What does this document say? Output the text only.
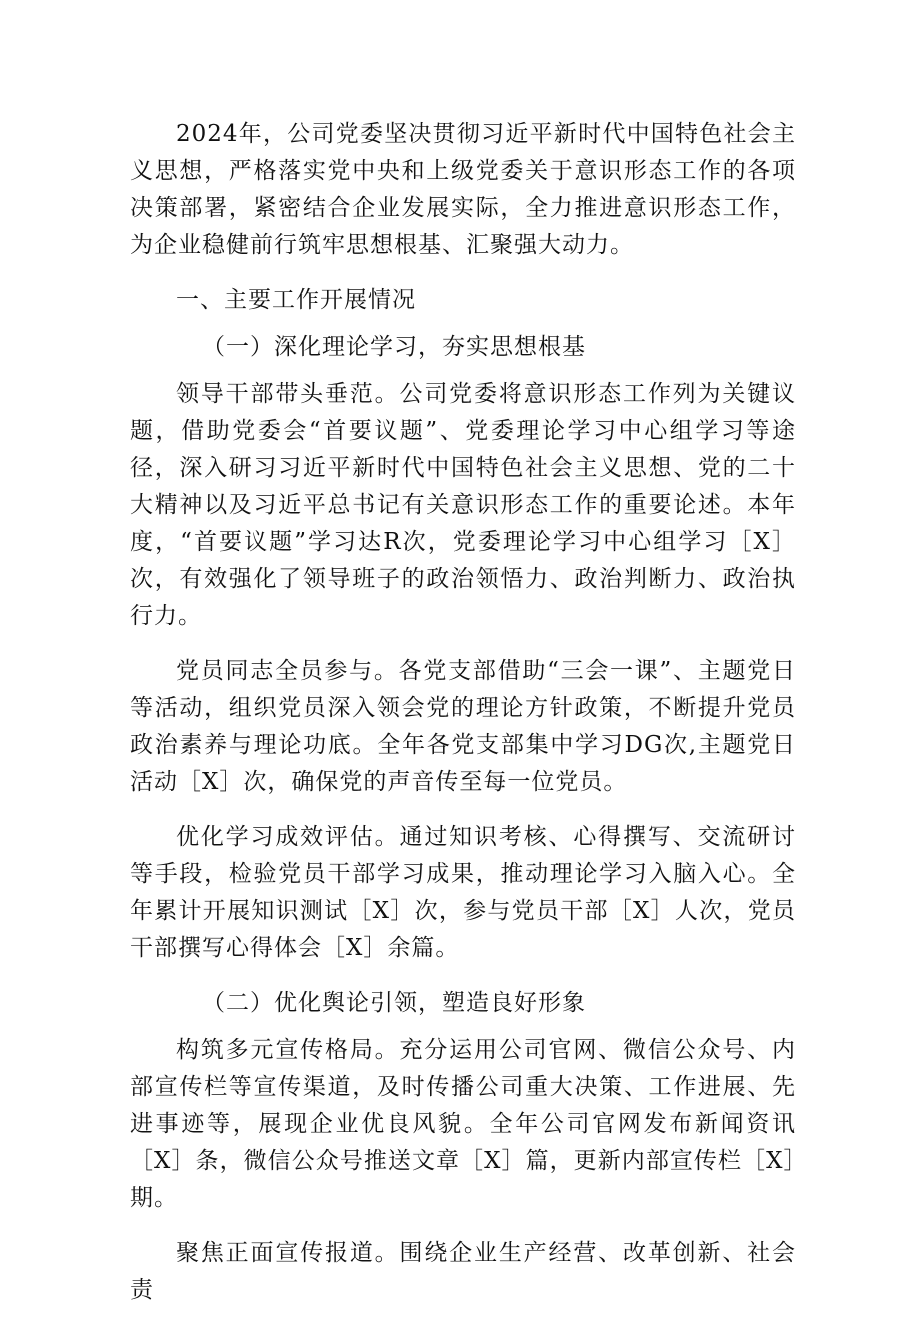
2024年，公司党委坚决贯彻习近平新时代中国特色社会主义思想，严格落实党中央和上级党委关于意识形态工作的各项决策部署，紧密结合企业发展实际，全力推进意识形态工作，为企业稳健前行筑牢思想根基、汇聚强大动力。

一、主要工作开展情况

（一）深化理论学习，夯实思想根基

领导干部带头垂范。公司党委将意识形态工作列为关键议题，借助党委会“首要议题”、党委理论学习中心组学习等途径，深入研习习近平新时代中国特色社会主义思想、党的二十大精神以及习近平总书记有关意识形态工作的重要论述。本年度，“首要议题”学习达R次，党委理论学习中心组学习［X］次，有效强化了领导班子的政治领悟力、政治判断力、政治执行力。

党员同志全员参与。各党支部借助“三会一课”、主题党日等活动，组织党员深入领会党的理论方针政策，不断提升党员政治素养与理论功底。全年各党支部集中学习DG次,主题党日活动［X］次，确保党的声音传至每一位党员。

优化学习成效评估。通过知识考核、心得撰写、交流研讨等手段，检验党员干部学习成果，推动理论学习入脑入心。全年累计开展知识测试［X］次，参与党员干部［X］人次，党员干部撰写心得体会［X］余篇。

（二）优化舆论引领，塑造良好形象

构筑多元宣传格局。充分运用公司官网、微信公众号、内部宣传栏等宣传渠道，及时传播公司重大决策、工作进展、先进事迹等，展现企业优良风貌。全年公司官网发布新闻资讯［X］条，微信公众号推送文章［X］篇，更新内部宣传栏［X］期。

聚焦正面宣传报道。围绕企业生产经营、改革创新、社会责
